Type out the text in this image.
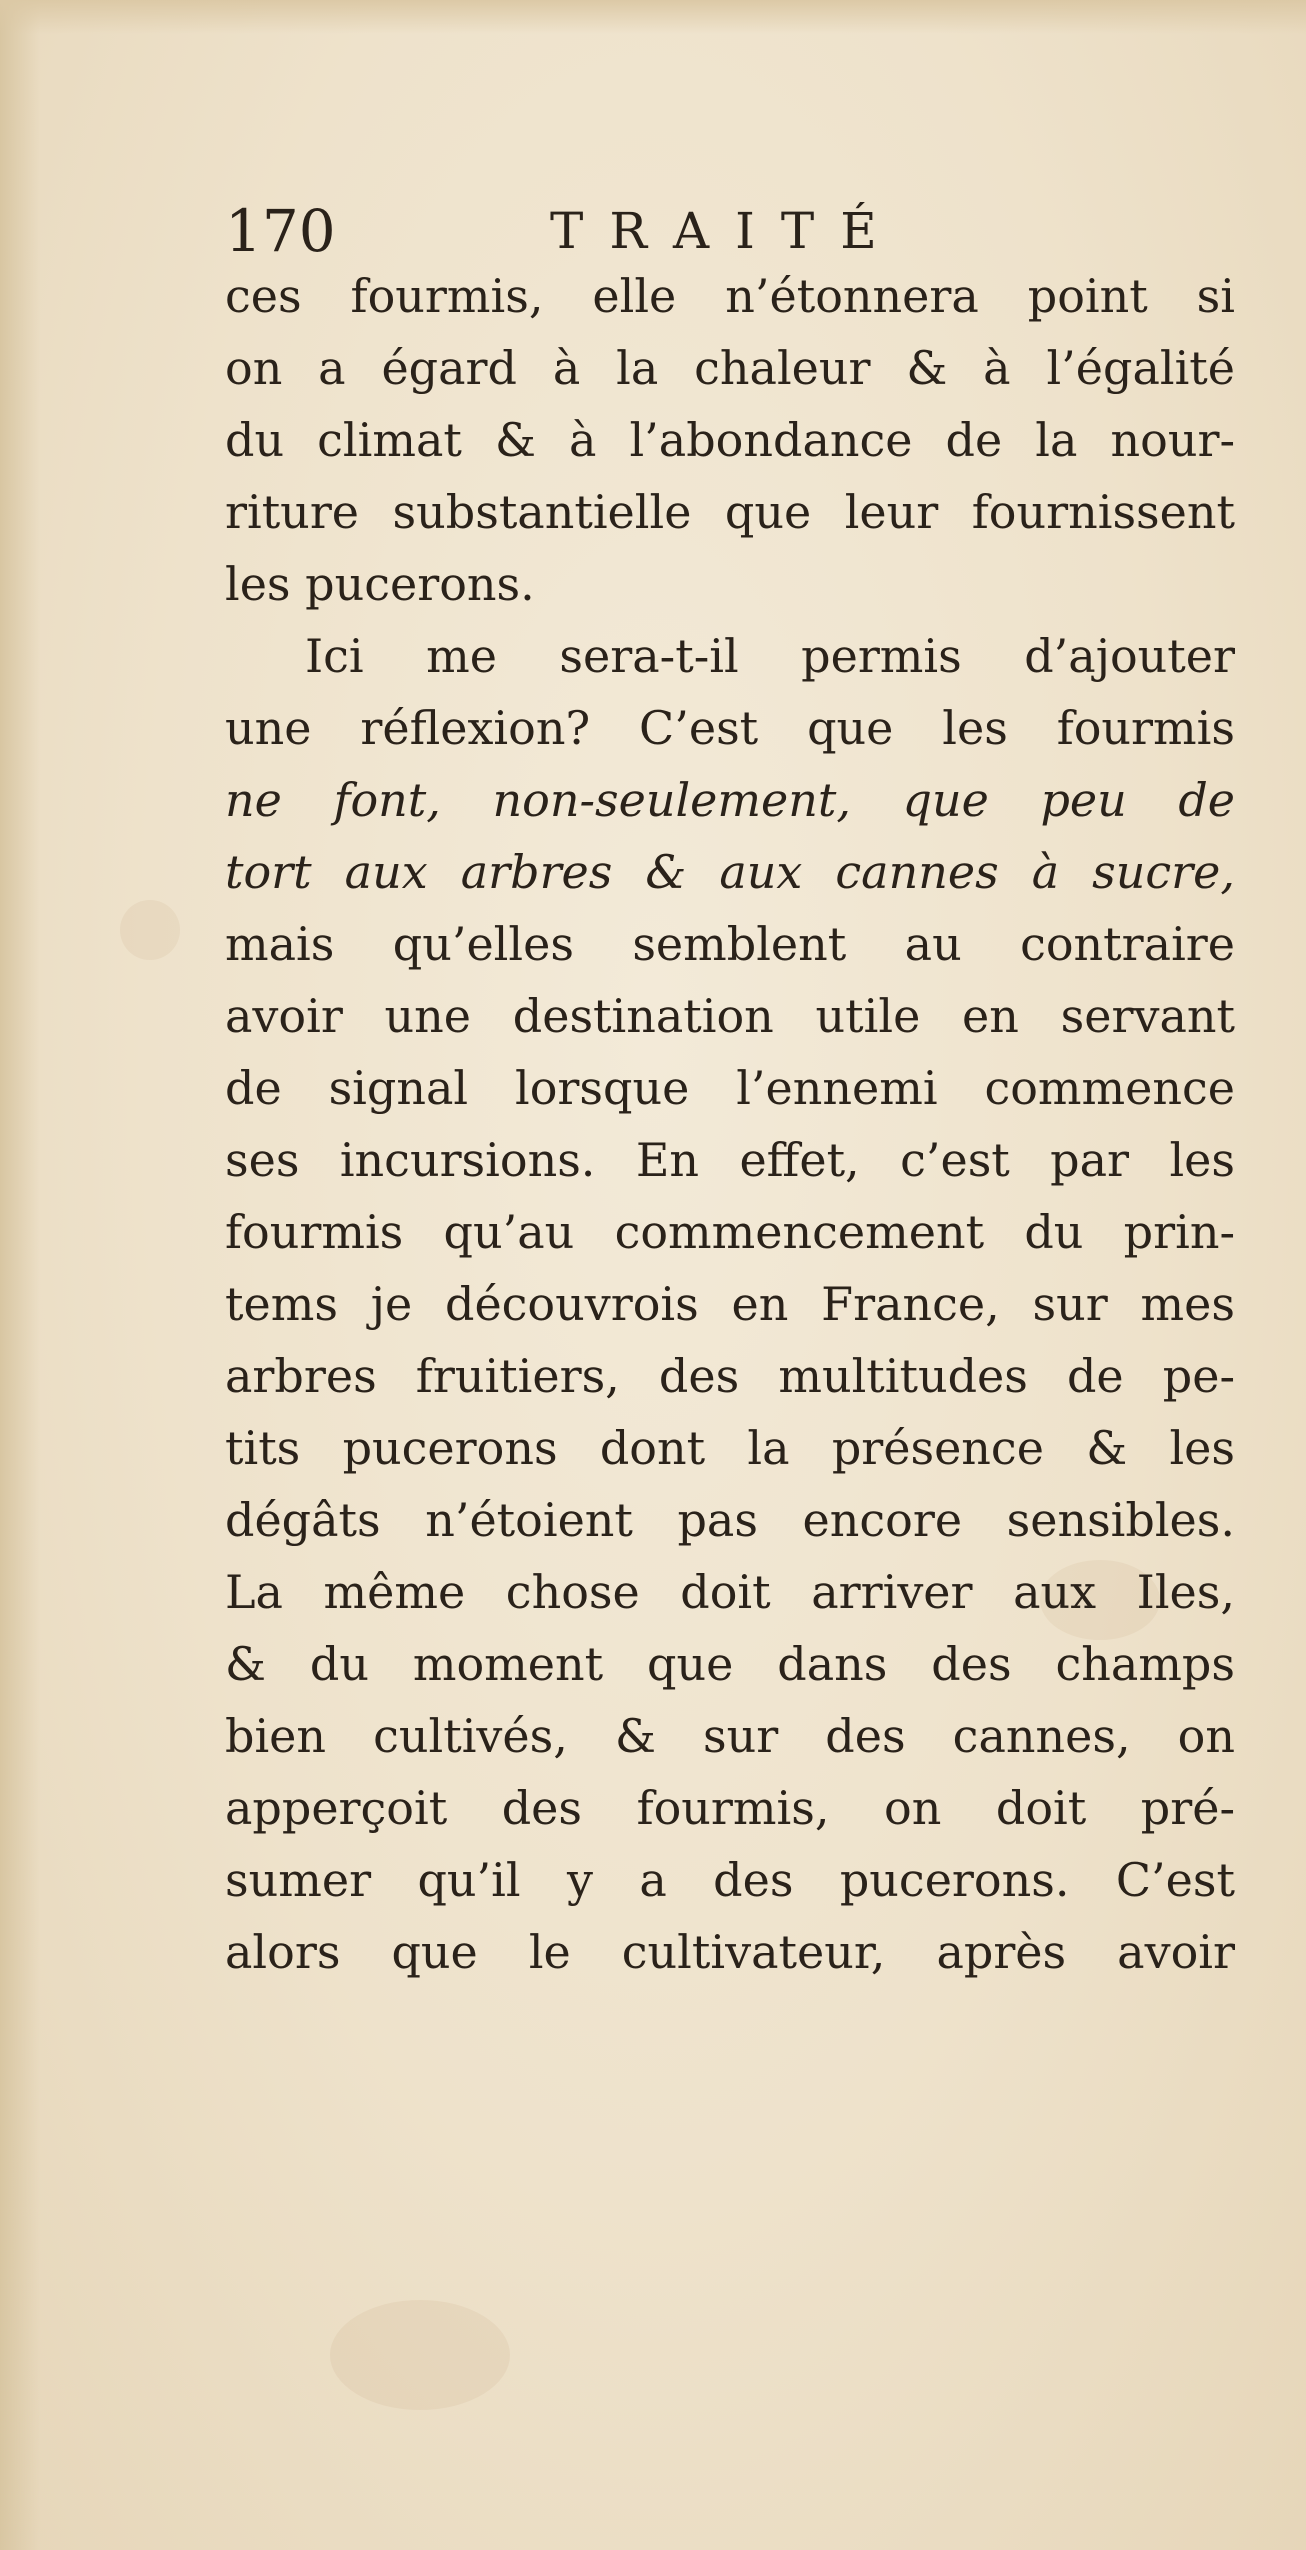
170	TRAITÉ
ces fourmis, elle n’étonnera point si
on a égard à la chaleur & à l’égalité
du climat & à l’abondance de la nour-
riture substantielle que leur fournissent
les pucerons.
Ici me sera-t-il permis d’ajouter
une réflexion? C’est que les fourmis
ne font, non-seulement, que peu de
tort aux arbres & aux cannes à sucre,
mais qu’elles semblent au contraire
avoir une destination utile en servant
de signal lorsque l’ennemi commence
ses incursions. En effet, c’est par les
fourmis qu’au commencement du prin-
tems je découvrois en France, sur mes
arbres fruitiers, des multitudes de pe-
tits pucerons dont la présence & les
dégâts n’étoient pas encore sensibles.
La même chose doit arriver aux Iles,
& du moment que dans des champs
bien cultivés, & sur des cannes, on
apperçoit des fourmis, on doit pré-
sumer qu’il y a des pucerons. C’est
alors que le cultivateur, après avoir
